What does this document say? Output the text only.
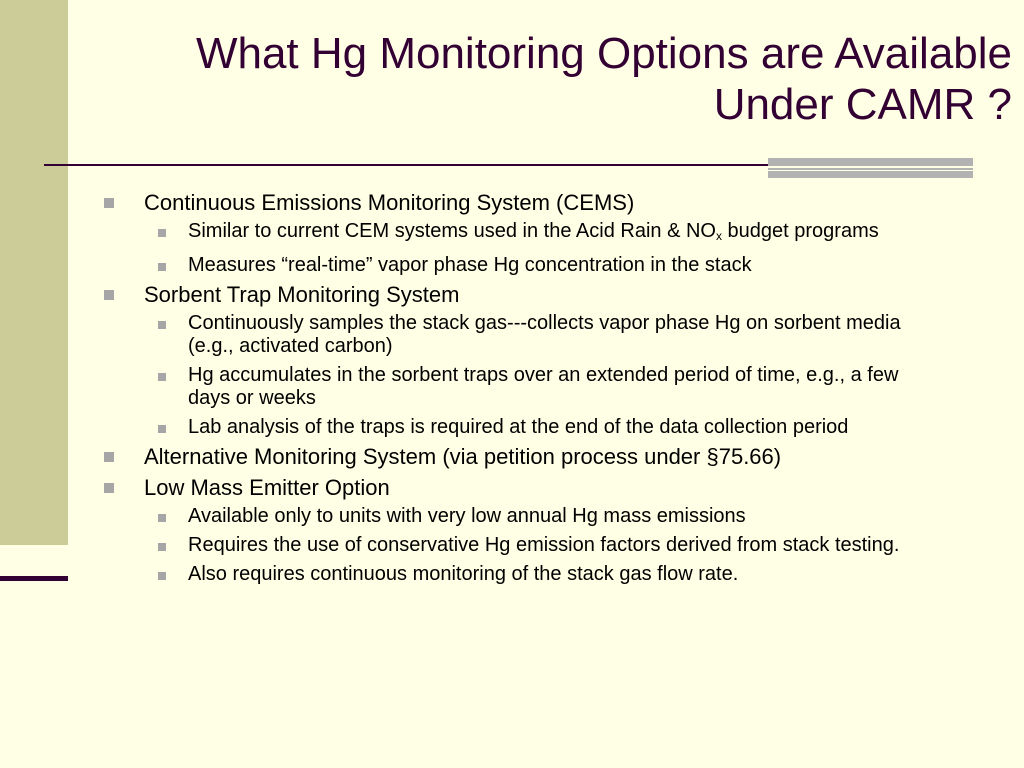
What Hg Monitoring Options are Available
Under CAMR ?
Continuous Emissions Monitoring System (CEMS)
Similar to current CEM systems used in the Acid Rain & $NO_x$ budget programs
Measures “real-time” vapor phase Hg concentration in the stack
Sorbent Trap Monitoring System
Continuously samples the stack gas---collects vapor phase Hg on sorbent media (e.g., activated carbon)
Hg accumulates in the sorbent traps over an extended period of time, e.g., a few days or weeks
Lab analysis of the traps is required at the end of the data collection period
Alternative Monitoring System (via petition process under §75.66)
Low Mass Emitter Option
Available only to units with very low annual Hg mass emissions
Requires the use of conservative Hg emission factors derived from stack testing.
Also requires continuous monitoring of the stack gas flow rate.
